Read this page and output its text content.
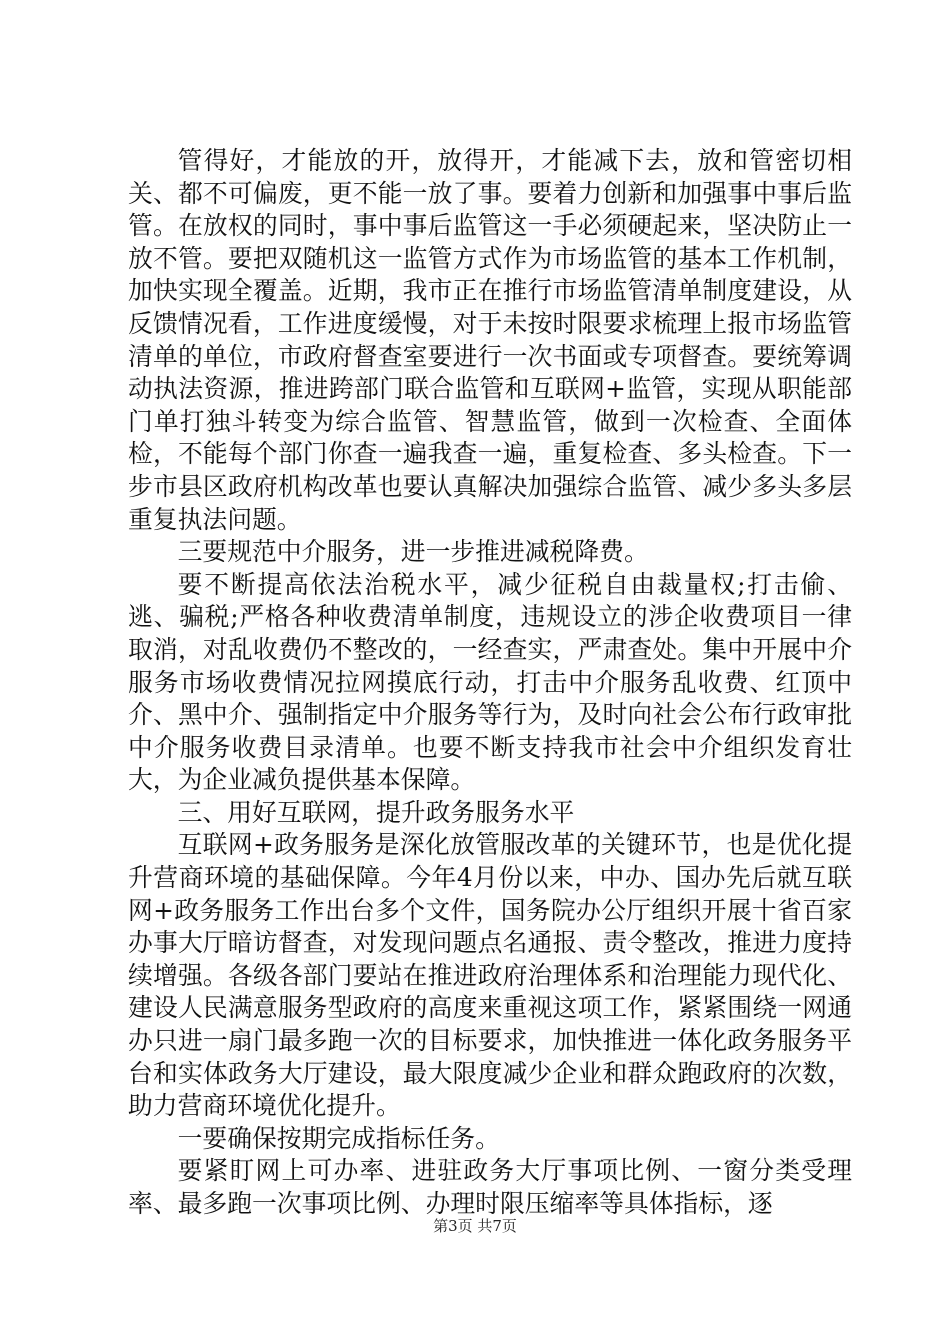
管得好，才能放的开，放得开，才能减下去，放和管密切相关、都不可偏废，更不能一放了事。要着力创新和加强事中事后监管。在放权的同时，事中事后监管这一手必须硬起来，坚决防止一放不管。要把双随机这一监管方式作为市场监管的基本工作机制，加快实现全覆盖。近期，我市正在推行市场监管清单制度建设，从反馈情况看，工作进度缓慢，对于未按时限要求梳理上报市场监管清单的单位，市政府督查室要进行一次书面或专项督查。要统筹调动执法资源，推进跨部门联合监管和互联网+监管，实现从职能部门单打独斗转变为综合监管、智慧监管，做到一次检查、全面体检，不能每个部门你查一遍我查一遍，重复检查、多头检查。下一步市县区政府机构改革也要认真解决加强综合监管、减少多头多层重复执法问题。

三要规范中介服务，进一步推进减税降费。

要不断提高依法治税水平，减少征税自由裁量权;打击偷、逃、骗税;严格各种收费清单制度，违规设立的涉企收费项目一律取消，对乱收费仍不整改的，一经查实，严肃查处。集中开展中介服务市场收费情况拉网摸底行动，打击中介服务乱收费、红顶中介、黑中介、强制指定中介服务等行为，及时向社会公布行政审批中介服务收费目录清单。也要不断支持我市社会中介组织发育壮大，为企业减负提供基本保障。

三、用好互联网，提升政务服务水平

互联网+政务服务是深化放管服改革的关键环节，也是优化提升营商环境的基础保障。今年4月份以来，中办、国办先后就互联网+政务服务工作出台多个文件，国务院办公厅组织开展十省百家办事大厅暗访督查，对发现问题点名通报、责令整改，推进力度持续增强。各级各部门要站在推进政府治理体系和治理能力现代化、建设人民满意服务型政府的高度来重视这项工作，紧紧围绕一网通办只进一扇门最多跑一次的目标要求，加快推进一体化政务服务平台和实体政务大厅建设，最大限度减少企业和群众跑政府的次数，助力营商环境优化提升。

一要确保按期完成指标任务。

要紧盯网上可办率、进驻政务大厅事项比例、一窗分类受理率、最多跑一次事项比例、办理时限压缩率等具体指标，逐

第3页 共7页
